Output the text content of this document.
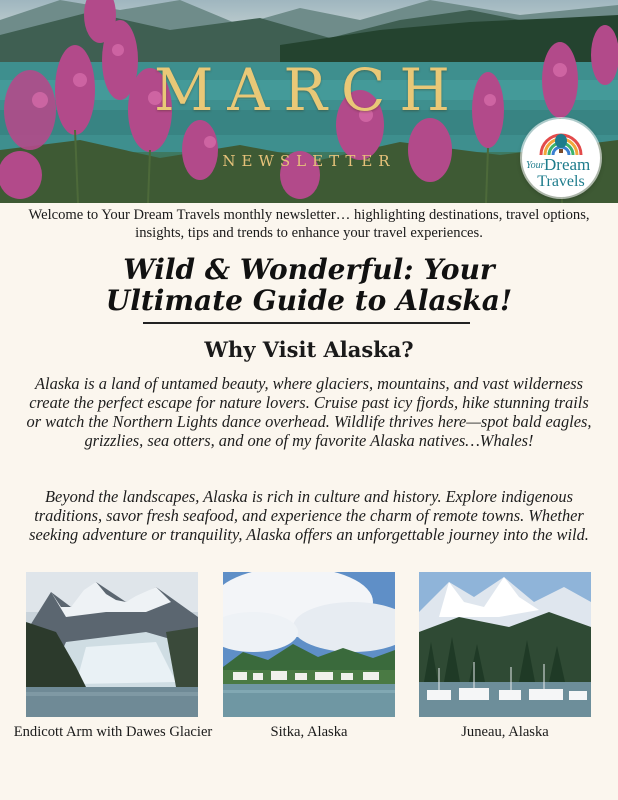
MARCH
NEWSLETTER	Your Dream
Travels

Welcome to Your Dream Travels monthly newsletter… highlighting destinations, travel options, insights, tips and trends to enhance your travel experiences.

Wild & Wonderful: Your
Ultimate Guide to Alaska!
Why Visit Alaska?

Alaska is a land of untamed beauty, where glaciers, mountains, and vast wilderness create the perfect escape for nature lovers. Cruise past icy fjords, hike stunning trails or watch the Northern Lights dance overhead. Wildlife thrives here—spot bald eagles, grizzlies, sea otters, and one of my favorite Alaska natives…Whales!

Beyond the landscapes, Alaska is rich in culture and history. Explore indigenous traditions, savor fresh seafood, and experience the charm of remote towns. Whether seeking adventure or tranquility, Alaska offers an unforgettable journey into the wild.

Endicott Arm with Dawes Glacier	Sitka, Alaska	Juneau, Alaska
